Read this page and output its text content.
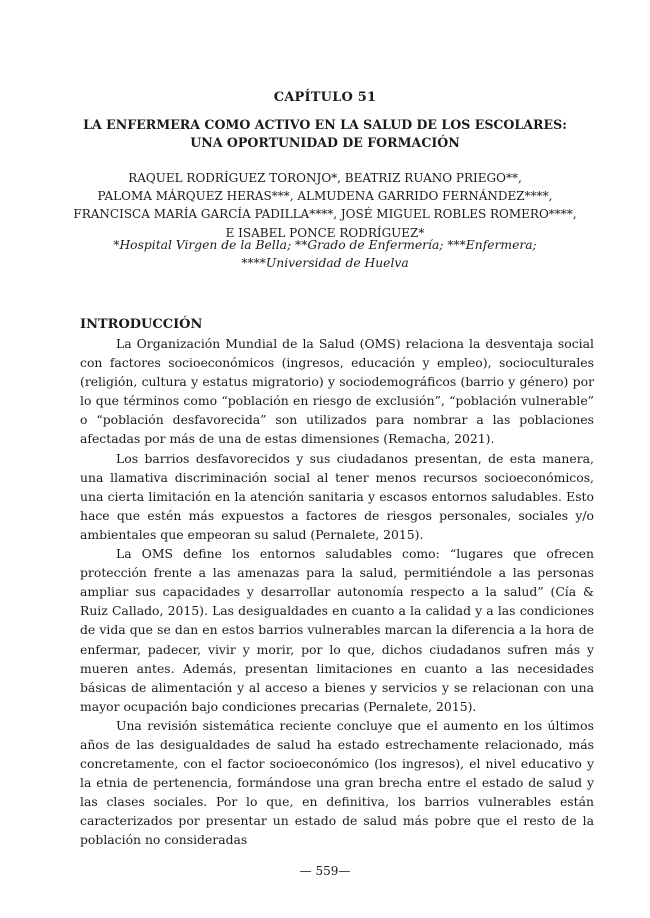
CAPÍTULO 51
LA ENFERMERA COMO ACTIVO EN LA SALUD DE LOS ESCOLARES:
UNA OPORTUNIDAD DE FORMACIÓN
RAQUEL RODRÍGUEZ TORONJO*, BEATRIZ RUANO PRIEGO**,
PALOMA MÁRQUEZ HERAS***, ALMUDENA GARRIDO FERNÁNDEZ****,
FRANCISCA MARÍA GARCÍA PADILLA****, JOSÉ MIGUEL ROBLES ROMERO****,
E ISABEL PONCE RODRÍGUEZ*
*Hospital Virgen de la Bella; **Grado de Enfermería; ***Enfermera;
****Universidad de Huelva
INTRODUCCIÓN

La Organización Mundial de la Salud (OMS) relaciona la desventaja social con factores socioeconómicos (ingresos, educación y empleo), socioculturales (religión, cultura y estatus migratorio) y sociodemográficos (barrio y género) por lo que términos como “población en riesgo de exclusión”, “población vulnerable” o “población desfavorecida” son utilizados para nombrar a las poblaciones afectadas por más de una de estas dimensiones (Remacha, 2021).

Los barrios desfavorecidos y sus ciudadanos presentan, de esta manera, una llamativa discriminación social al tener menos recursos socioeconómicos, una cierta limitación en la atención sanitaria y escasos entornos saludables. Esto hace que estén más expuestos a factores de riesgos personales, sociales y/o ambientales que empeoran su salud (Pernalete, 2015).

La OMS define los entornos saludables como: “lugares que ofrecen protección frente a las amenazas para la salud, permitiéndole a las personas ampliar sus capacidades y desarrollar autonomía respecto a la salud” (Cía & Ruiz Callado, 2015). Las desigualdades en cuanto a la calidad y a las condiciones de vida que se dan en estos barrios vulnerables marcan la diferencia a la hora de enfermar, padecer, vivir y morir, por lo que, dichos ciudadanos sufren más y mueren antes. Además, presentan limitaciones en cuanto a las necesidades básicas de alimentación y al acceso a bienes y servicios y se relacionan con una mayor ocupación bajo condiciones precarias (Pernalete, 2015).

Una revisión sistemática reciente concluye que el aumento en los últimos años de las desigualdades de salud ha estado estrechamente relacionado, más concretamente, con el factor socioeconómico (los ingresos), el nivel educativo y la etnia de pertenencia, formándose una gran brecha entre el estado de salud y las clases sociales. Por lo que, en definitiva, los barrios vulnerables están caracterizados por presentar un estado de salud más pobre que el resto de la población no consideradas

— 559—
